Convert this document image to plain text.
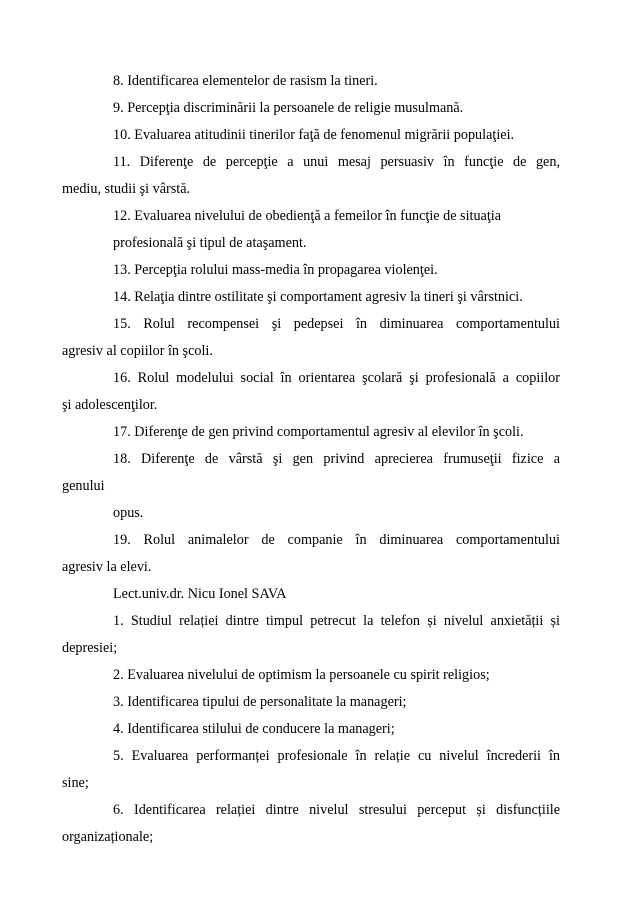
8. Identificarea elementelor de rasism la tineri.
9. Percepţia discriminării la persoanele de religie musulmană.
10. Evaluarea atitudinii tinerilor faţă de fenomenul migrării populaţiei.
11. Diferenţe de percepţie a unui mesaj persuasiv în funcţie de gen,
mediu, studii şi vârstă.
12. Evaluarea nivelului de obedienţă a femeilor în funcţie de situaţia
profesională şi tipul de ataşament.
13. Percepţia rolului mass-media în propagarea violenţei.
14. Relaţia dintre ostilitate şi comportament agresiv la tineri şi vârstnici.
15. Rolul recompensei şi pedepsei în diminuarea comportamentului
agresiv al copiilor în şcoli.
16. Rolul modelului social în orientarea şcolară şi profesională a copiilor
şi adolescenţilor.
17. Diferenţe de gen privind comportamentul agresiv al elevilor în şcoli.
18. Diferenţe de vârstă şi gen privind aprecierea frumuseţii fizice a
genului
opus.
19. Rolul animalelor de companie în diminuarea comportamentului
agresiv la elevi.
Lect.univ.dr. Nicu Ionel SAVA
1. Studiul relației dintre timpul petrecut la telefon și nivelul anxietății și
depresiei;
2. Evaluarea nivelului de optimism la persoanele cu spirit religios;
3. Identificarea tipului de personalitate la manageri;
4. Identificarea stilului de conducere la manageri;
5. Evaluarea performanței profesionale în relație cu nivelul încrederii în
sine;
6. Identificarea relației dintre nivelul stresului perceput și disfuncțiile
organizaționale;
